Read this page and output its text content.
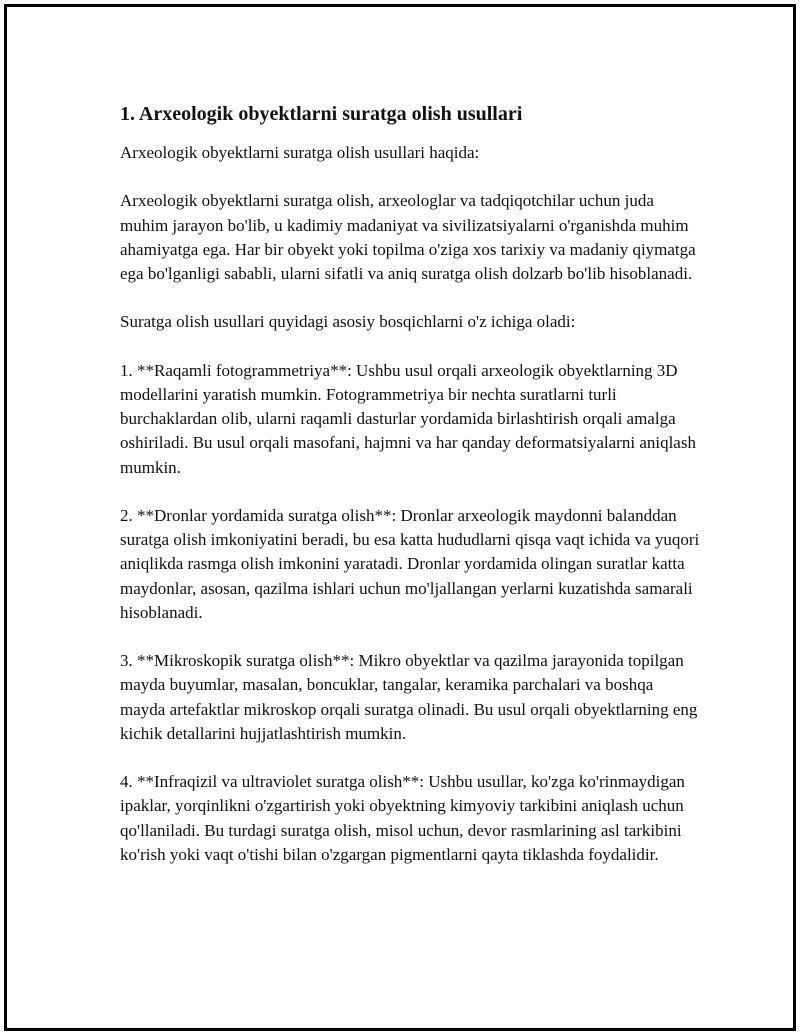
1. Arxeologik obyektlarni suratga olish usullari

Arxeologik obyektlarni suratga olish usullari haqida:

Arxeologik obyektlarni suratga olish, arxeologlar va tadqiqotchilar uchun juda muhim jarayon bo'lib, u kadimiy madaniyat va sivilizatsiyalarni o'rganishda muhim ahamiyatga ega. Har bir obyekt yoki topilma o'ziga xos tarixiy va madaniy qiymatga ega bo'lganligi sababli, ularni sifatli va aniq suratga olish dolzarb bo'lib hisoblanadi.

Suratga olish usullari quyidagi asosiy bosqichlarni o'z ichiga oladi:

1. **Raqamli fotogrammetriya**: Ushbu usul orqali arxeologik obyektlarning 3D modellarini yaratish mumkin. Fotogrammetriya bir nechta suratlarni turli burchaklardan olib, ularni raqamli dasturlar yordamida birlashtirish orqali amalga oshiriladi. Bu usul orqali masofani, hajmni va har qanday deformatsiyalarni aniqlash mumkin.

2. **Dronlar yordamida suratga olish**: Dronlar arxeologik maydonni balanddan suratga olish imkoniyatini beradi, bu esa katta hududlarni qisqa vaqt ichida va yuqori aniqlikda rasmga olish imkonini yaratadi. Dronlar yordamida olingan suratlar katta maydonlar, asosan, qazilma ishlari uchun mo'ljallangan yerlarni kuzatishda samarali hisoblanadi.

3. **Mikroskopik suratga olish**: Mikro obyektlar va qazilma jarayonida topilgan mayda buyumlar, masalan, boncuklar, tangalar, keramika parchalari va boshqa mayda artefaktlar mikroskop orqali suratga olinadi. Bu usul orqali obyektlarning eng kichik detallarini hujjatlashtirish mumkin.

4. **Infraqizil va ultraviolet suratga olish**: Ushbu usullar, ko'zga ko'rinmaydigan ipaklar, yorqinlikni o'zgartirish yoki obyektning kimyoviy tarkibini aniqlash uchun qo'llaniladi. Bu turdagi suratga olish, misol uchun, devor rasmlarining asl tarkibini ko'rish yoki vaqt o'tishi bilan o'zgargan pigmentlarni qayta tiklashda foydalidir.
